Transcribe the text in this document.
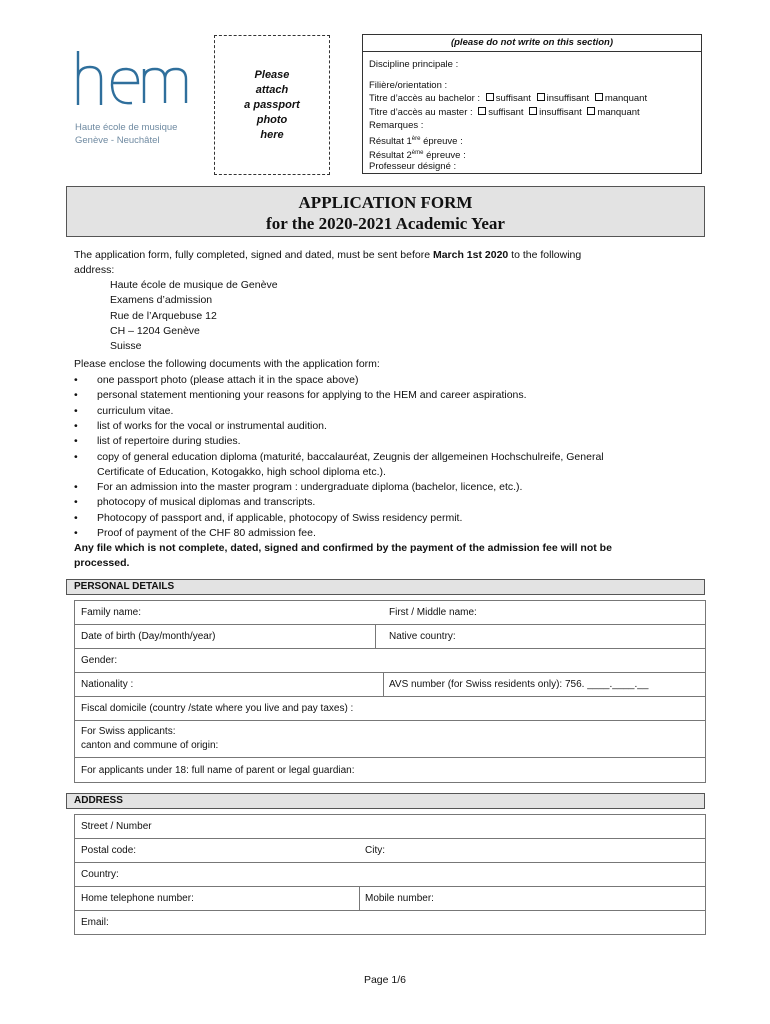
Haute école de musique
Genève - Neuchâtel
Please
attach
a passport
photo
here
(please do not write on this section)
Discipline principale :
Filière/orientation :
Titre d’accès au bachelor : suffisant insuffisant manquant
Titre d’accès au master : suffisant insuffisant manquant
Remarques :
Résultat 1ère épreuve :
Résultat 2ème épreuve :
Professeur désigné :
APPLICATION FORM
for the 2020-2021 Academic Year
The application form, fully completed, signed and dated, must be sent before March 1st 2020 to the following
address:
Haute école de musique de Genève
Examens d’admission
Rue de l’Arquebuse 12
CH – 1204 Genève
Suisse
Please enclose the following documents with the application form:
• one passport photo (please attach it in the space above)
• personal statement mentioning your reasons for applying to the HEM and career aspirations.
• curriculum vitae.
• list of works for the vocal or instrumental audition.
• list of repertoire during studies.
• copy of general education diploma (maturité, baccalauréat, Zeugnis der allgemeinen Hochschulreife, General
Certificate of Education, Kotogakko, high school diploma etc.).
• For an admission into the master program : undergraduate diploma (bachelor, licence, etc.).
• photocopy of musical diplomas and transcripts.
• Photocopy of passport and, if applicable, photocopy of Swiss residency permit.
• Proof of payment of the CHF 80 admission fee.
Any file which is not complete, dated, signed and confirmed by the payment of the admission fee will not be
processed.
PERSONAL DETAILS
Family name:	First / Middle name:
Date of birth (Day/month/year)	Native country:
Gender:
Nationality :	AVS number (for Swiss residents only): 756. ____.____.__
Fiscal domicile (country /state where you live and pay taxes) :
For Swiss applicants:
canton and commune of origin:
For applicants under 18: full name of parent or legal guardian:
ADDRESS
Street / Number
Postal code:	City:
Country:
Home telephone number:	Mobile number:
Email:
Page 1/6
